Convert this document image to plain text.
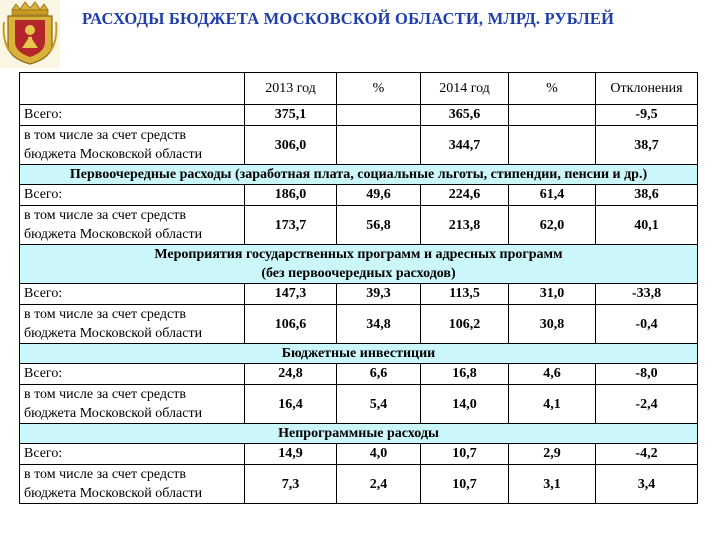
РАСХОДЫ БЮДЖЕТА МОСКОВСКОЙ ОБЛАСТИ, МЛРД. РУБЛЕЙ
	2013 год	%	2014 год	%	Отклонения
Всего:	375,1		365,6		-9,5
в том числе за счет средств
бюджета Московской области	306,0		344,7		38,7
Первоочередные расходы (заработная плата, социальные льготы, стипендии, пенсии и др.)					
Всего:	186,0	49,6	224,6	61,4	38,6
в том числе за счет средств
бюджета Московской области	173,7	56,8	213,8	62,0	40,1
Мероприятия государственных программ и адресных программ
(без первоочередных расходов)					
Всего:	147,3	39,3	113,5	31,0	-33,8
в том числе за счет средств
бюджета Московской области	106,6	34,8	106,2	30,8	-0,4
Бюджетные инвестиции					
Всего:	24,8	6,6	16,8	4,6	-8,0
в том числе за счет средств
бюджета Московской области	16,4	5,4	14,0	4,1	-2,4
Непрограммные расходы					
Всего:	14,9	4,0	10,7	2,9	-4,2
в том числе за счет средств
бюджета Московской области	7,3	2,4	10,7	3,1	3,4
